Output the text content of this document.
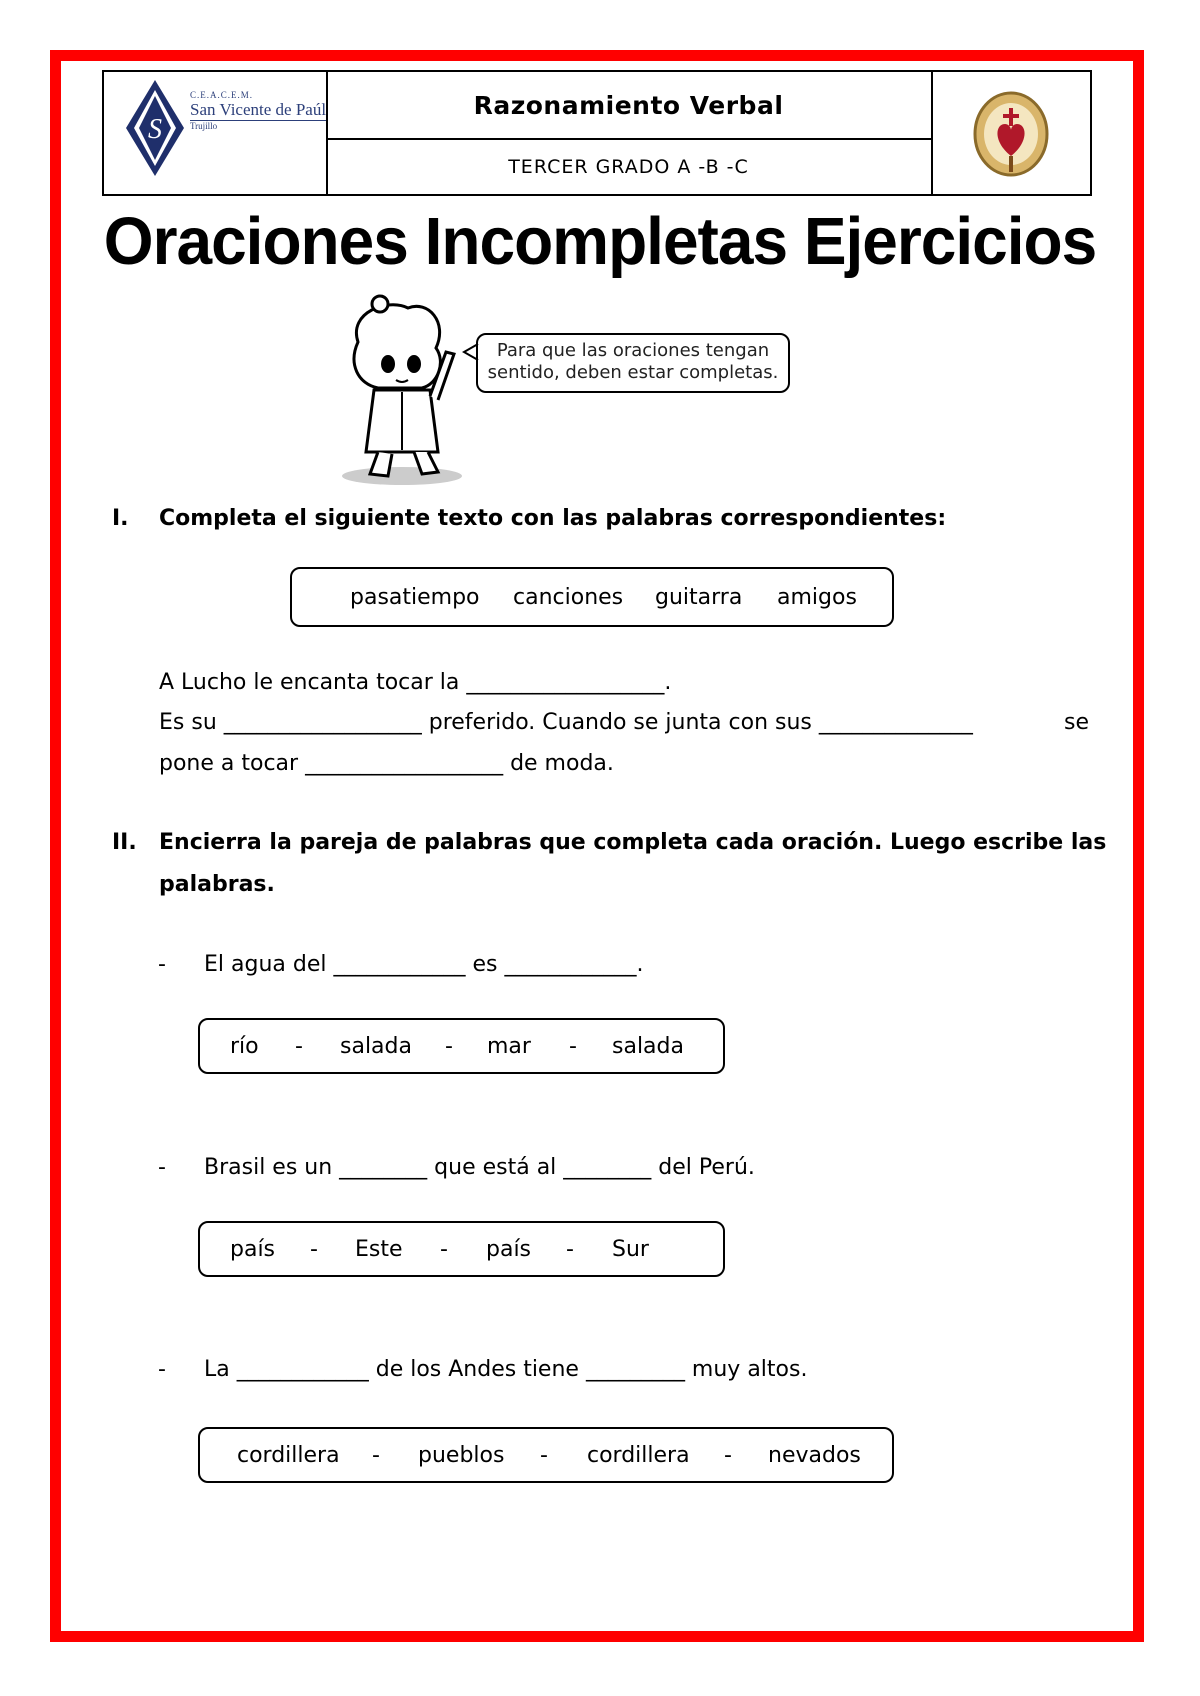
S
C.E.A.C.E.M.
San Vicente de Paúl
Trujillo
Razonamiento Verbal
TERCER GRADO A -B -C
Oraciones Incompletas Ejercicios
Para que las oraciones tengan
sentido, deben estar completas.
I. Completa el siguiente texto con las palabras correspondientes:
pasatiempo canciones guitarra amigos
A Lucho le encanta tocar la __________________.
Es su __________________ preferido. Cuando se junta con sus ______________	se
pone a tocar __________________ de moda.
II. Encierra la pareja de palabras que completa cada oración. Luego escribe las
palabras.
- El agua del ____________ es ____________.
río - salada - mar - salada
- Brasil es un ________ que está al ________ del Perú.
país - Este - país - Sur
- La ____________ de los Andes tiene _________ muy altos.
cordillera - pueblos - cordillera - nevados
